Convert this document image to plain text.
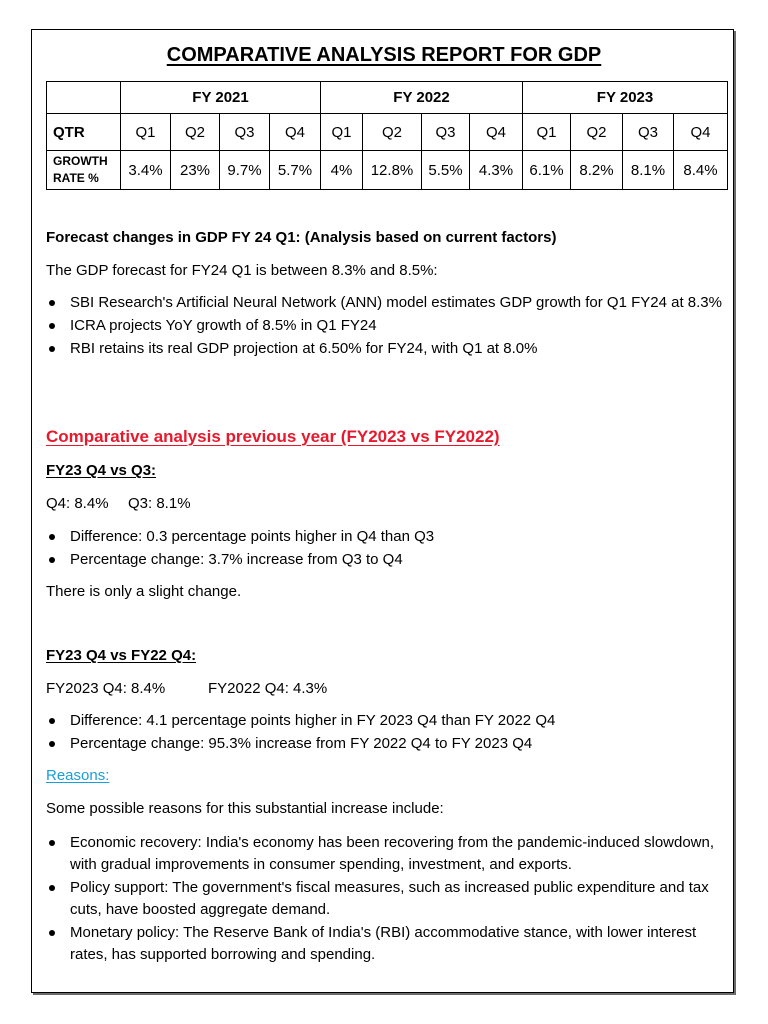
COMPARATIVE ANALYSIS REPORT FOR GDP
	FY 2021				FY 2022				FY 2023			
QTR	Q1	Q2	Q3	Q4	Q1	Q2	Q3	Q4	Q1	Q2	Q3	Q4
GROWTH
RATE %	3.4%	23%	9.7%	5.7%	4%	12.8%	5.5%	4.3%	6.1%	8.2%	8.1%	8.4%
Forecast changes in GDP FY 24 Q1: (Analysis based on current factors)
The GDP forecast for FY24 Q1 is between 8.3% and 8.5%:
SBI Research's Artificial Neural Network (ANN) model estimates GDP growth for Q1 FY24 at 8.3%
ICRA projects YoY growth of 8.5% in Q1 FY24
RBI retains its real GDP projection at 6.50% for FY24, with Q1 at 8.0%
Comparative analysis previous year (FY2023 vs FY2022)
FY23 Q4 vs Q3:
Q4: 8.4% Q3: 8.1%
Difference: 0.3 percentage points higher in Q4 than Q3
Percentage change: 3.7% increase from Q3 to Q4
There is only a slight change.
FY23 Q4 vs FY22 Q4:
FY2023 Q4: 8.4%	FY2022 Q4: 4.3%
Difference: 4.1 percentage points higher in FY 2023 Q4 than FY 2022 Q4
Percentage change: 95.3% increase from FY 2022 Q4 to FY 2023 Q4
Reasons:
Some possible reasons for this substantial increase include:
Economic recovery: India's economy has been recovering from the pandemic-induced slowdown, with gradual improvements in consumer spending, investment, and exports.
Policy support: The government's fiscal measures, such as increased public expenditure and tax cuts, have boosted aggregate demand.
Monetary policy: The Reserve Bank of India's (RBI) accommodative stance, with lower interest rates, has supported borrowing and spending.
